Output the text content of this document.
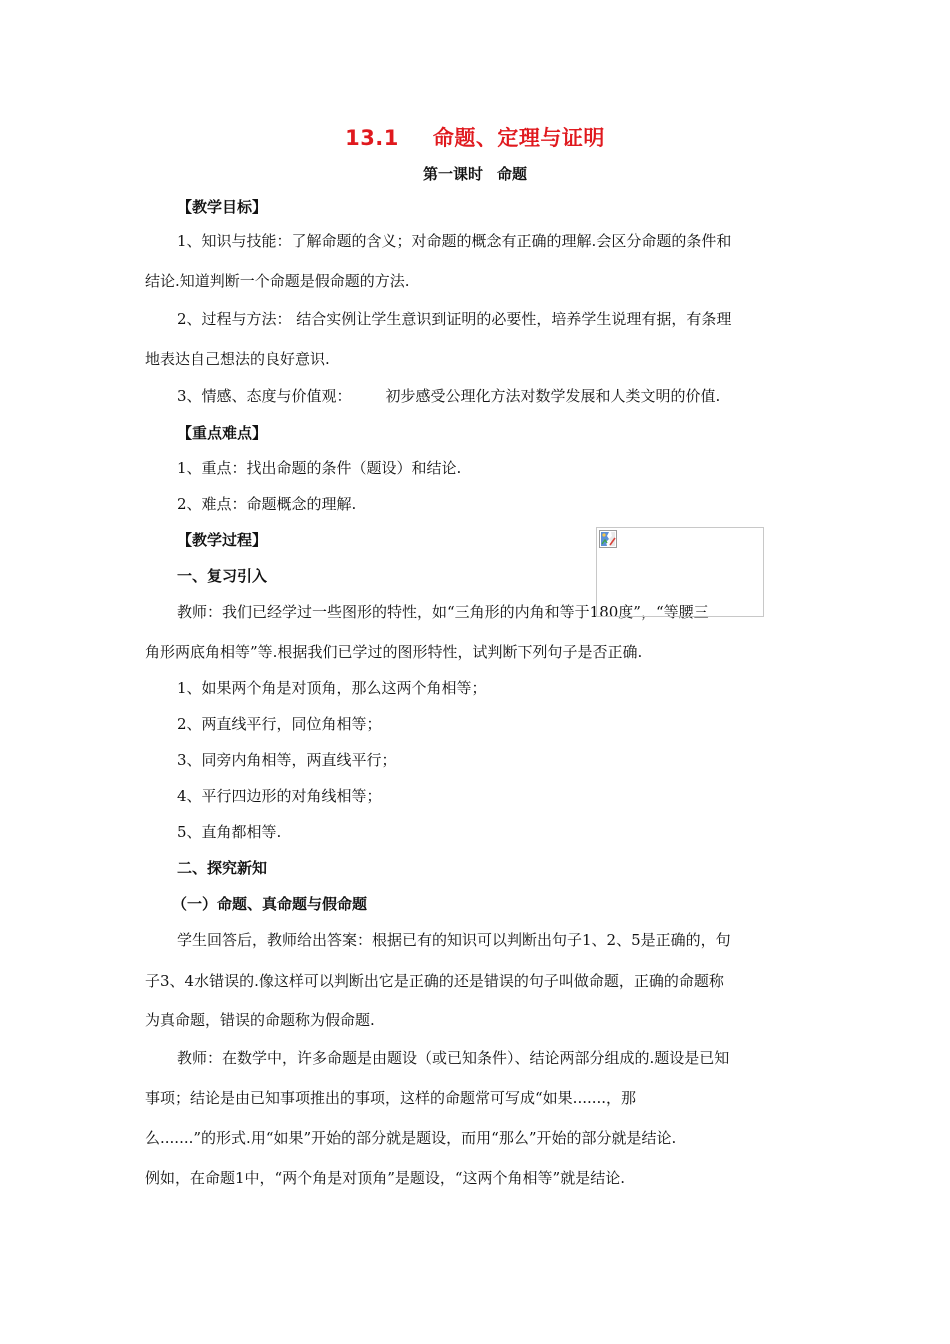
13.1 命题、定理与证明
第一课时 命题
【教学目标】
1、知识与技能：了解命题的含义；对命题的概念有正确的理解.会区分命题的条件和
结论.知道判断一个命题是假命题的方法.
2、过程与方法： 结合实例让学生意识到证明的必要性，培养学生说理有据，有条理
地表达自己想法的良好意识.
3、情感、态度与价值观： 初步感受公理化方法对数学发展和人类文明的价值.
【重点难点】
1、重点：找出命题的条件（题设）和结论.
2、难点：命题概念的理解.
【教学过程】
一、复习引入
教师：我们已经学过一些图形的特性，如“三角形的内角和等于180度”，“等腰三
角形两底角相等”等.根据我们已学过的图形特性，试判断下列句子是否正确.
1、如果两个角是对顶角，那么这两个角相等；
2、两直线平行，同位角相等；
3、同旁内角相等，两直线平行；
4、平行四边形的对角线相等；
5、直角都相等.
二、探究新知
（一）命题、真命题与假命题
学生回答后，教师给出答案：根据已有的知识可以判断出句子1、2、5是正确的，句
子3、4水错误的.像这样可以判断出它是正确的还是错误的句子叫做命题，正确的命题称
为真命题，错误的命题称为假命题.
教师：在数学中，许多命题是由题设（或已知条件）、结论两部分组成的.题设是已知
事项；结论是由已知事项推出的事项，这样的命题常可写成“如果.......，那
么.......”的形式.用“如果”开始的部分就是题设，而用“那么”开始的部分就是结论.
例如，在命题1中，“两个角是对顶角”是题设，“这两个角相等”就是结论.
